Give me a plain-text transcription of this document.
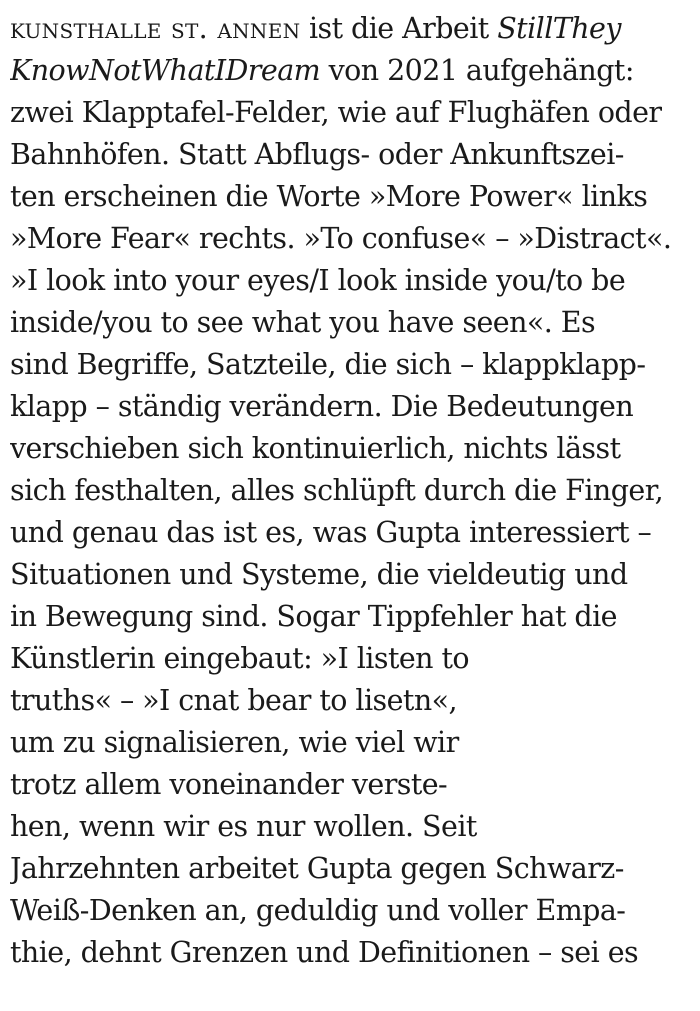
kunsthalle st. annen ist die Arbeit StillThey
KnowNotWhatIDream von 2021 aufgehängt:
zwei Klapptafel-Felder, wie auf Flughäfen oder
Bahnhöfen. Statt Abflugs- oder Ankunftszei-
ten erscheinen die Worte »More Power« links
»More Fear« rechts. »To confuse« – »Distract«.
»I look into your eyes/I look inside you/to be
inside/you to see what you have seen«. Es
sind Begriffe, Satzteile, die sich – klappklapp-
klapp – ständig verändern. Die Bedeutungen
verschieben sich kontinuierlich, nichts lässt
sich festhalten, alles schlüpft durch die Finger,
und genau das ist es, was Gupta interessiert –
Situationen und Systeme, die vieldeutig und
in Bewegung sind. Sogar Tippfehler hat die
Künstlerin eingebaut: »I listen to
truths« – »I cnat bear to lisetn«,
um zu signalisieren, wie viel wir
trotz allem voneinander verste-
hen, wenn wir es nur wollen. Seit
Jahrzehnten arbeitet Gupta gegen Schwarz-
Weiß-Denken an, geduldig und voller Empa-
thie, dehnt Grenzen und Definitionen – sei es
